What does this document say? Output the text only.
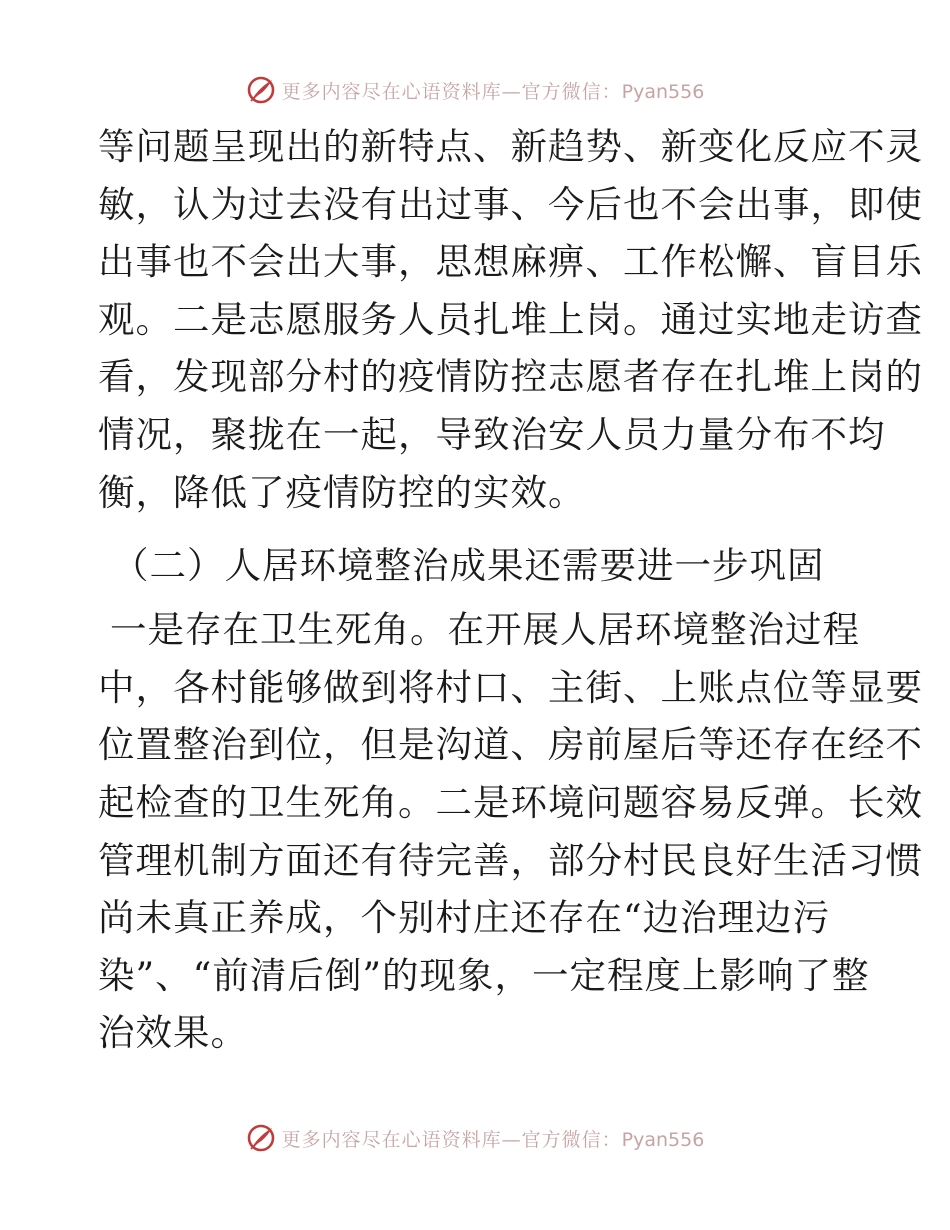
更多内容尽在心语资料库—官方微信：Pyan556
等问题呈现出的新特点、新趋势、新变化反应不灵
敏，认为过去没有出过事、今后也不会出事，即使
出事也不会出大事，思想麻痹、工作松懈、盲目乐
观。二是志愿服务人员扎堆上岗。通过实地走访查
看，发现部分村的疫情防控志愿者存在扎堆上岗的
情况，聚拢在一起，导致治安人员力量分布不均
衡，降低了疫情防控的实效。
（二）人居环境整治成果还需要进一步巩固
一是存在卫生死角。在开展人居环境整治过程
中，各村能够做到将村口、主街、上账点位等显要
位置整治到位，但是沟道、房前屋后等还存在经不
起检查的卫生死角。二是环境问题容易反弹。长效
管理机制方面还有待完善，部分村民良好生活习惯
尚未真正养成，个别村庄还存在“边治理边污
染”、“前清后倒”的现象，一定程度上影响了整
治效果。
更多内容尽在心语资料库—官方微信：Pyan556
